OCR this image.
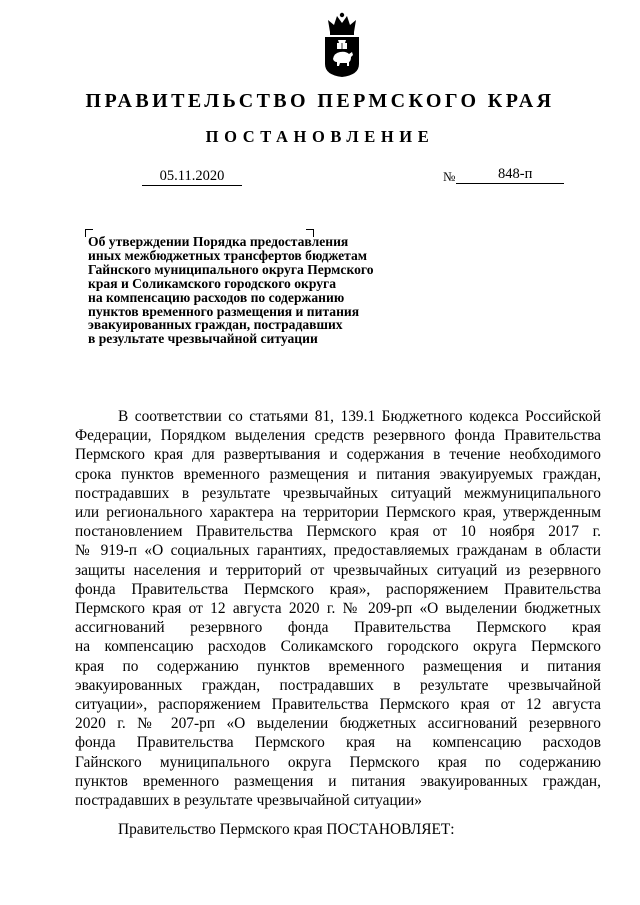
ПРАВИТЕЛЬСТВО ПЕРМСКОГО КРАЯ
ПОСТАНОВЛЕНИЕ
05.11.2020	№	848-п
Об утверждении Порядка предоставления
иных межбюджетных трансфертов бюджетам
Гайнского муниципального округа Пермского
края и Соликамского городского округа
на компенсацию расходов по содержанию
пунктов временного размещения и питания
эвакуированных граждан, пострадавших
в результате чрезвычайной ситуации
В соответствии со статьями 81, 139.1 Бюджетного кодекса Российской
Федерации, Порядком выделения средств резервного фонда Правительства
Пермского края для развертывания и содержания в течение необходимого
срока пунктов временного размещения и питания эвакуируемых граждан,
пострадавших в результате чрезвычайных ситуаций межмуниципального
или регионального характера на территории Пермского края, утвержденным
постановлением Правительства Пермского края от 10 ноября 2017 г.
№ 919-п «О социальных гарантиях, предоставляемых гражданам в области
защиты населения и территорий от чрезвычайных ситуаций из резервного
фонда Правительства Пермского края», распоряжением Правительства
Пермского края от 12 августа 2020 г. № 209-рп «О выделении бюджетных
ассигнований резервного фонда Правительства Пермского края
на компенсацию расходов Соликамского городского округа Пермского
края по содержанию пунктов временного размещения и питания
эвакуированных граждан, пострадавших в результате чрезвычайной
ситуации», распоряжением Правительства Пермского края от 12 августа
2020 г. № 207-рп «О выделении бюджетных ассигнований резервного
фонда Правительства Пермского края на компенсацию расходов
Гайнского муниципального округа Пермского края по содержанию
пунктов временного размещения и питания эвакуированных граждан,
пострадавших в результате чрезвычайной ситуации»
Правительство Пермского края ПОСТАНОВЛЯЕТ:
